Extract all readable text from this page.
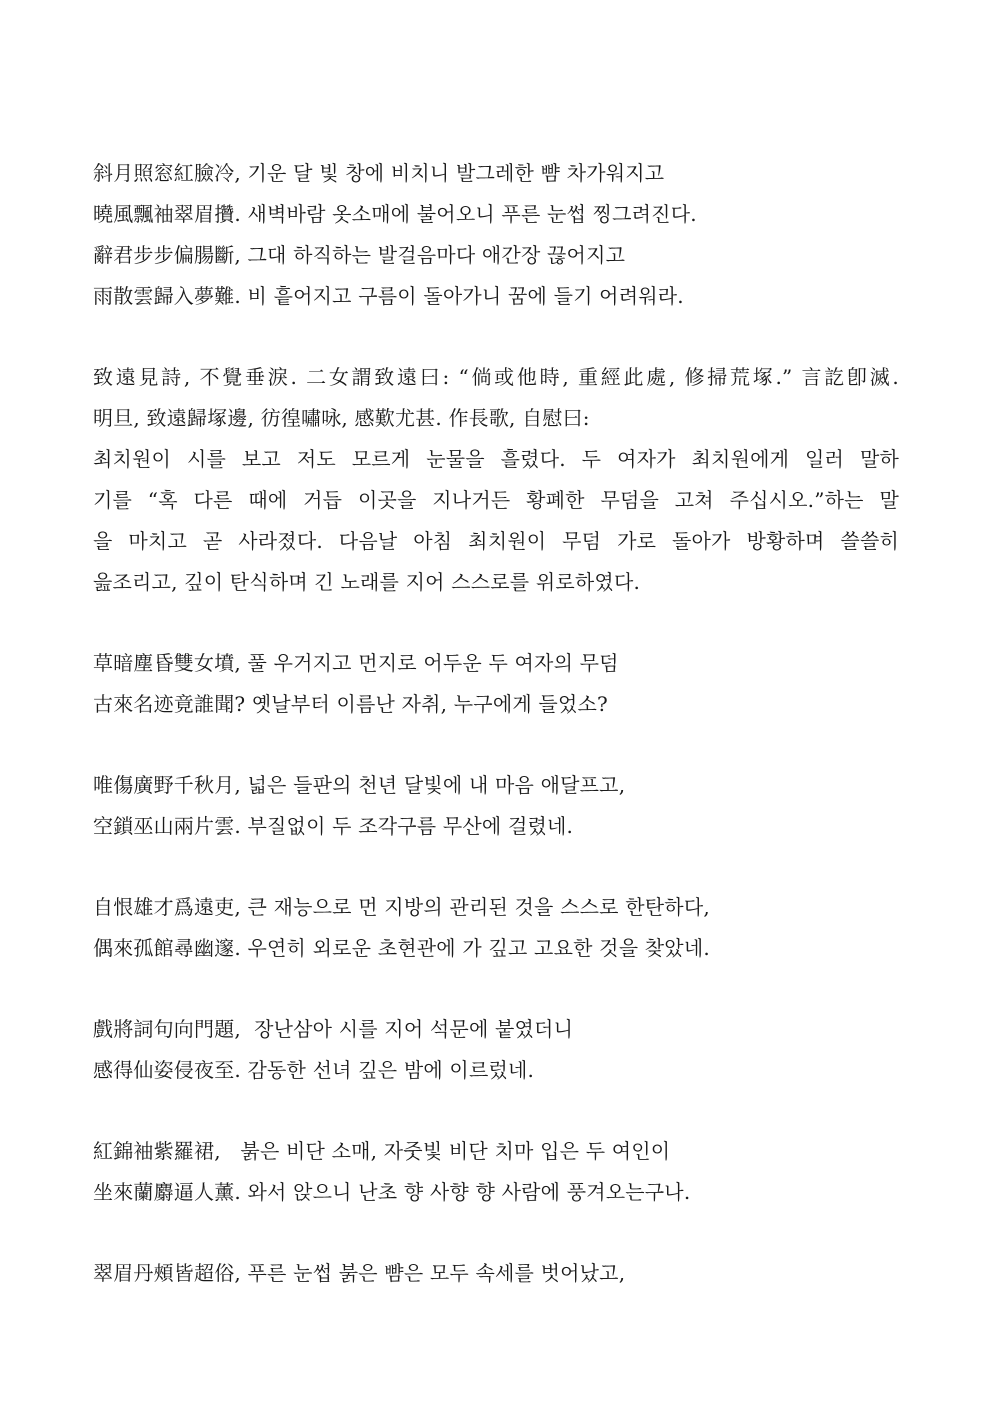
斜月照窓紅臉冷, 기운 달 빛 창에 비치니 발그레한 뺨 차가워지고
曉風飄袖翠眉攢. 새벽바람 옷소매에 불어오니 푸른 눈썹 찡그려진다.
辭君步步偏腸斷, 그대 하직하는 발걸음마다 애간장 끊어지고
雨散雲歸入夢難. 비 흩어지고 구름이 돌아가니 꿈에 들기 어려워라.
致遠見詩, 不覺垂淚. 二女謂致遠曰: “倘或他時, 重經此處, 修掃荒塚.” 言訖卽滅.
明旦, 致遠歸塚邊, 彷徨嘯咏, 感歎尤甚. 作長歌, 自慰曰:
최치원이 시를 보고 저도 모르게 눈물을 흘렸다. 두 여자가 최치원에게 일러 말하
기를 “혹 다른 때에 거듭 이곳을 지나거든 황폐한 무덤을 고쳐 주십시오.”하는 말
을 마치고 곧 사라졌다. 다음날 아침 최치원이 무덤 가로 돌아가 방황하며 쓸쓸히
읊조리고, 깊이 탄식하며 긴 노래를 지어 스스로를 위로하였다.
草暗塵昏雙女墳, 풀 우거지고 먼지로 어두운 두 여자의 무덤
古來名迹竟誰聞? 옛날부터 이름난 자취, 누구에게 들었소?
唯傷廣野千秋月, 넓은 들판의 천년 달빛에 내 마음 애달프고,
空鎖巫山兩片雲. 부질없이 두 조각구름 무산에 걸렸네.
自恨雄才爲遠吏, 큰 재능으로 먼 지방의 관리된 것을 스스로 한탄하다,
偶來孤館尋幽邃. 우연히 외로운 초현관에 가 깊고 고요한 것을 찾았네.
戲將詞句向門題,  장난삼아 시를 지어 석문에 붙였더니
感得仙姿侵夜至. 감동한 선녀 깊은 밤에 이르렀네.
紅錦袖紫羅裙,   붉은 비단 소매, 자줏빛 비단 치마 입은 두 여인이
坐來蘭麝逼人薰. 와서 앉으니 난초 향 사향 향 사람에 풍겨오는구나.
翠眉丹頰皆超俗, 푸른 눈썹 붉은 뺨은 모두 속세를 벗어났고,
